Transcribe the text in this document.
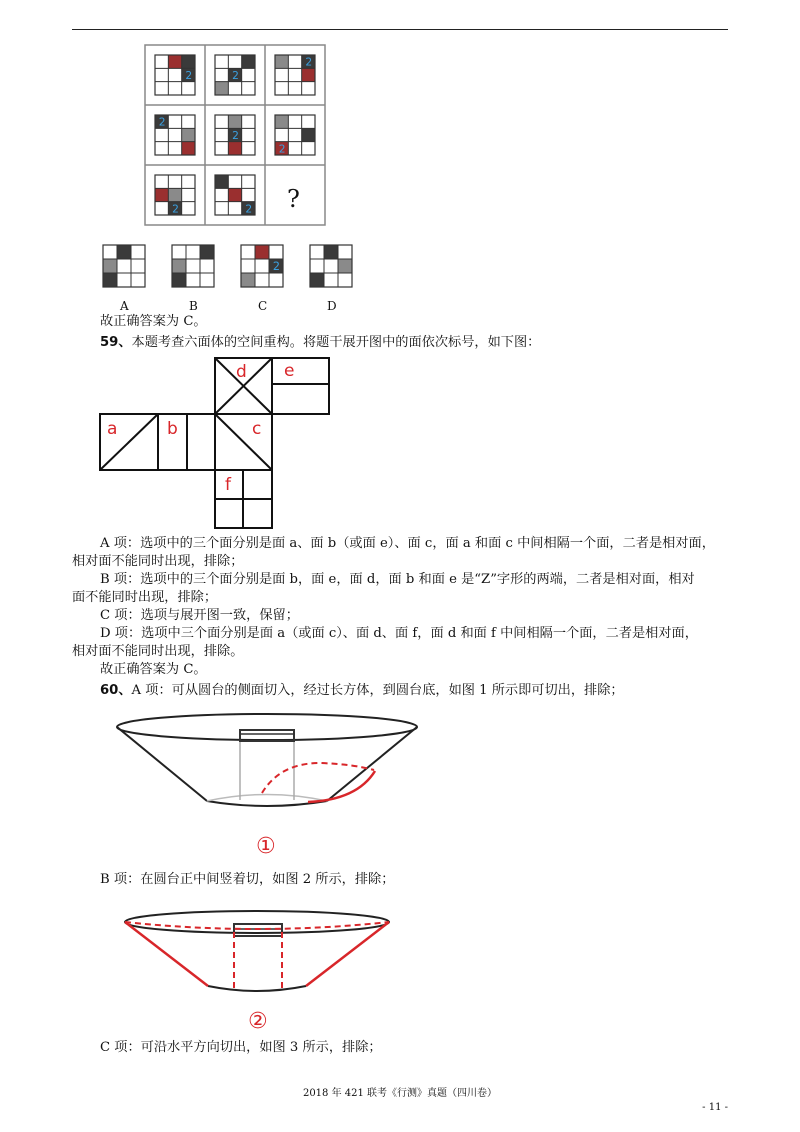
2	2
2
2
2
2
2	2 ?
A	B
2
C	D
故正确答案为 C。
59、本题考查六面体的空间重构。将题干展开图中的面依次标号，如下图：
d e
a	b	c
f
A 项：选项中的三个面分别是面 a、面 b（或面 e）、面 c，面 a 和面 c 中间相隔一个面，二者是相对面，
相对面不能同时出现，排除；
B 项：选项中的三个面分别是面 b，面 e，面 d，面 b 和面 e 是“Z”字形的两端，二者是相对面，相对
面不能同时出现，排除；
C 项：选项与展开图一致，保留；
D 项：选项中三个面分别是面 a（或面 c）、面 d、面 f，面 d 和面 f 中间相隔一个面，二者是相对面，
相对面不能同时出现，排除。
故正确答案为 C。
60、A 项：可从圆台的侧面切入，经过长方体，到圆台底，如图 1 所示即可切出，排除；
①
B 项：在圆台正中间竖着切，如图 2 所示，排除；
②
C 项：可沿水平方向切出，如图 3 所示，排除；
2018 年 421 联考《行测》真题（四川卷）
- 11 -
